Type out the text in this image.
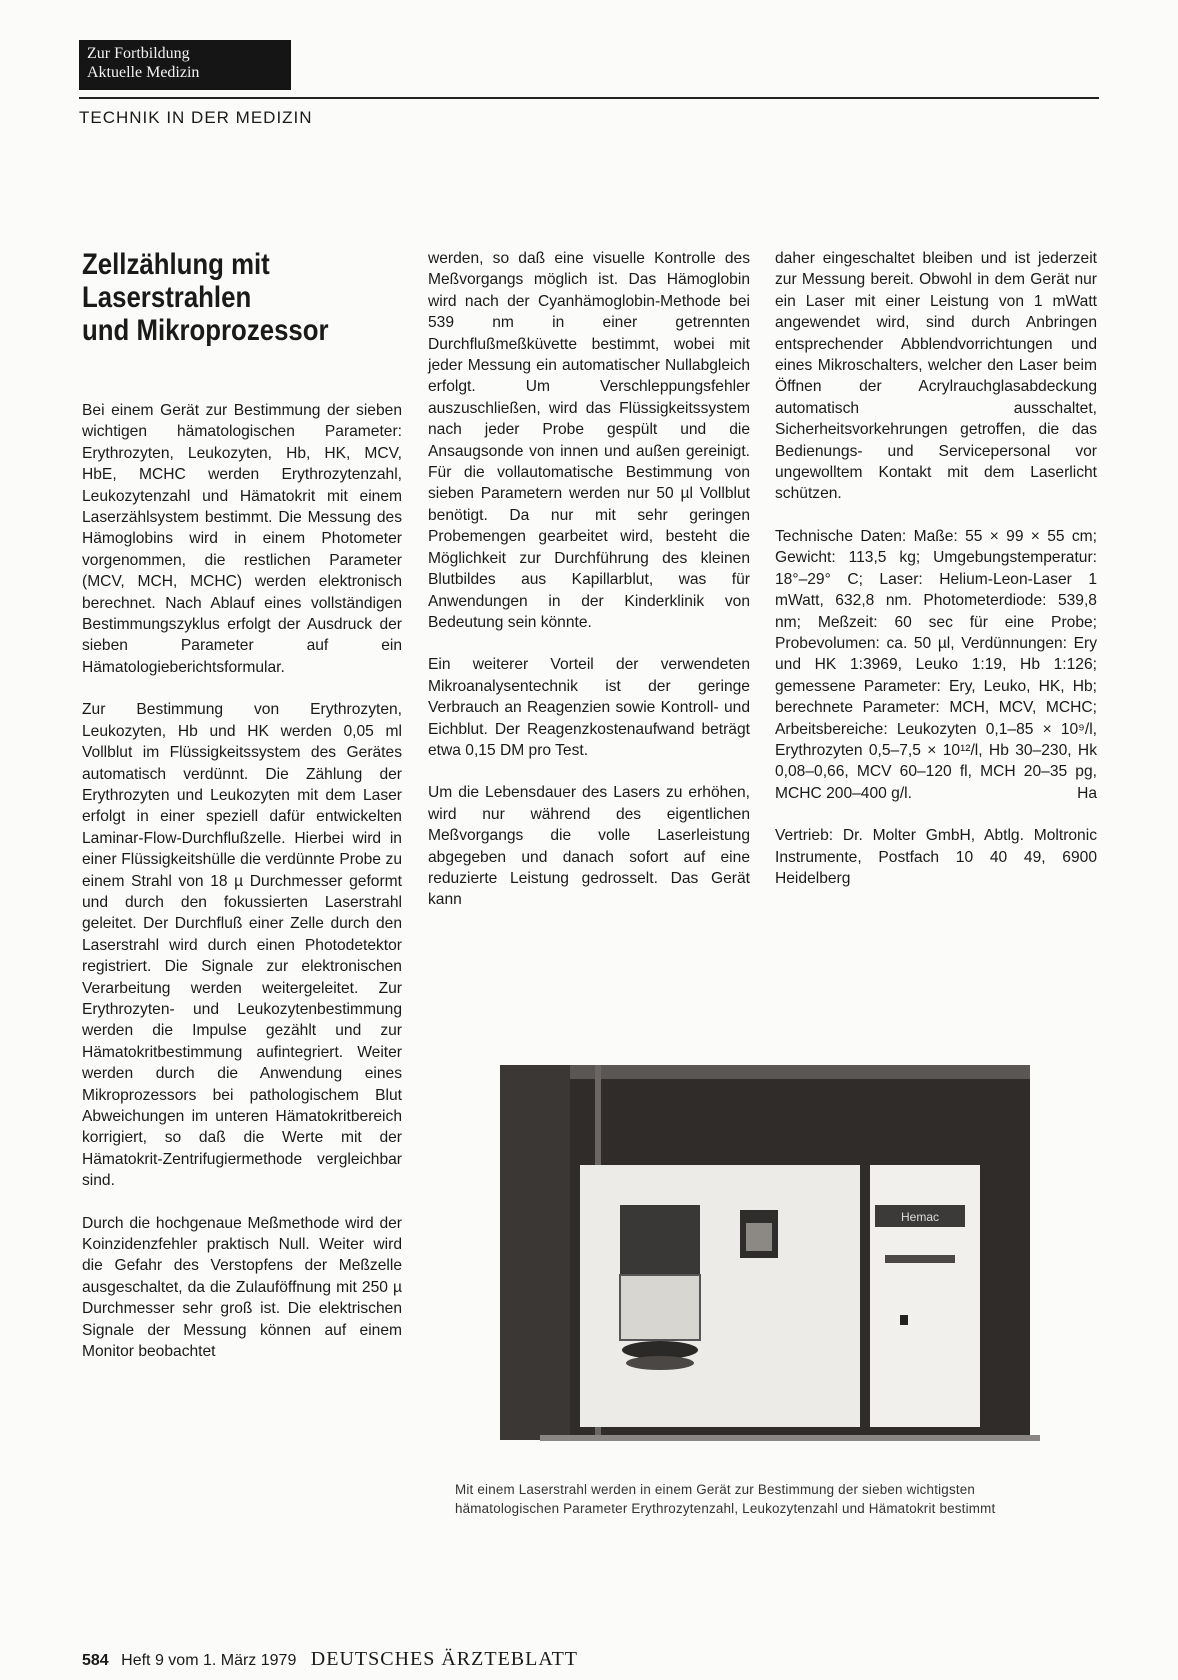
Zur Fortbildung
Aktuelle Medizin
TECHNIK IN DER MEDIZIN
Zellzählung mit
Laserstrahlen
und Mikroprozessor

Bei einem Gerät zur Bestimmung der sieben wichtigen hämatologischen Parameter: Erythrozyten, Leukozyten, Hb, HK, MCV, HbE, MCHC werden Erythrozytenzahl, Leukozytenzahl und Hämatokrit mit einem Laserzählsystem bestimmt. Die Messung des Hämoglobins wird in einem Photometer vorgenommen, die restlichen Parameter (MCV, MCH, MCHC) werden elektronisch berechnet. Nach Ablauf eines vollständigen Bestimmungszyklus erfolgt der Ausdruck der sieben Parameter auf ein Hämatologieberichtsformular.

Zur Bestimmung von Erythrozyten, Leukozyten, Hb und HK werden 0,05 ml Vollblut im Flüssigkeitssystem des Gerätes automatisch verdünnt. Die Zählung der Erythrozyten und Leukozyten mit dem Laser erfolgt in einer speziell dafür entwickelten Laminar-Flow-Durchflußzelle. Hierbei wird in einer Flüssigkeitshülle die verdünnte Probe zu einem Strahl von 18 µ Durchmesser geformt und durch den fokussierten Laserstrahl geleitet. Der Durchfluß einer Zelle durch den Laserstrahl wird durch einen Photodetektor registriert. Die Signale zur elektronischen Verarbeitung werden weitergeleitet. Zur Erythrozyten- und Leukozytenbestimmung werden die Impulse gezählt und zur Hämatokritbestimmung aufintegriert. Weiter werden durch die Anwendung eines Mikroprozessors bei pathologischem Blut Abweichungen im unteren Hämatokritbereich korrigiert, so daß die Werte mit der Hämatokrit-Zentrifugiermethode vergleichbar sind.

Durch die hochgenaue Meßmethode wird der Koinzidenzfehler praktisch Null. Weiter wird die Gefahr des Verstopfens der Meßzelle ausgeschaltet, da die Zulauföffnung mit 250 µ Durchmesser sehr groß ist. Die elektrischen Signale der Messung können auf einem Monitor beobachtet

werden, so daß eine visuelle Kontrolle des Meßvorgangs möglich ist. Das Hämoglobin wird nach der Cyanhämoglobin-Methode bei 539 nm in einer getrennten Durchflußmeßküvette bestimmt, wobei mit jeder Messung ein automatischer Nullabgleich erfolgt. Um Verschleppungsfehler auszuschließen, wird das Flüssigkeitssystem nach jeder Probe gespült und die Ansaugsonde von innen und außen gereinigt. Für die vollautomatische Bestimmung von sieben Parametern werden nur 50 µl Vollblut benötigt. Da nur mit sehr geringen Probemengen gearbeitet wird, besteht die Möglichkeit zur Durchführung des kleinen Blutbildes aus Kapillarblut, was für Anwendungen in der Kinderklinik von Bedeutung sein könnte.

Ein weiterer Vorteil der verwendeten Mikroanalysentechnik ist der geringe Verbrauch an Reagenzien sowie Kontroll- und Eichblut. Der Reagenzkostenaufwand beträgt etwa 0,15 DM pro Test.

Um die Lebensdauer des Lasers zu erhöhen, wird nur während des eigentlichen Meßvorgangs die volle Laserleistung abgegeben und danach sofort auf eine reduzierte Leistung gedrosselt. Das Gerät kann

daher eingeschaltet bleiben und ist jederzeit zur Messung bereit. Obwohl in dem Gerät nur ein Laser mit einer Leistung von 1 mWatt angewendet wird, sind durch Anbringen entsprechender Abblendvorrichtungen und eines Mikroschalters, welcher den Laser beim Öffnen der Acrylrauchglasabdeckung automatisch ausschaltet, Sicherheitsvorkehrungen getroffen, die das Bedienungs- und Servicepersonal vor ungewolltem Kontakt mit dem Laserlicht schützen.

Technische Daten: Maße: 55 × 99 × 55 cm; Gewicht: 113,5 kg; Umgebungstemperatur: 18°–29° C; Laser: Helium-Leon-Laser 1 mWatt, 632,8 nm. Photometerdiode: 539,8 nm; Meßzeit: 60 sec für eine Probe; Probevolumen: ca. 50 µl, Verdünnungen: Ery und HK 1:3969, Leuko 1:19, Hb 1:126; gemessene Parameter: Ery, Leuko, HK, Hb; berechnete Parameter: MCH, MCV, MCHC; Arbeitsbereiche: Leukozyten 0,1–85 × 10⁹/l, Erythrozyten 0,5–7,5 × 10¹²/l, Hb 30–230, Hk 0,08–0,66, MCV 60–120 fl, MCH 20–35 pg, MCHC 200–400 g/l.	Ha

Vertrieb: Dr. Molter GmbH, Abtlg. Moltronic Instrumente, Postfach 10 40 49, 6900 Heidelberg

Hemac
Mit einem Laserstrahl werden in einem Gerät zur Bestimmung der sieben wichtigsten hämatologischen Parameter Erythrozytenzahl, Leukozytenzahl und Hämatokrit bestimmt
584 Heft 9 vom 1. März 1979 DEUTSCHES ÄRZTEBLATT
